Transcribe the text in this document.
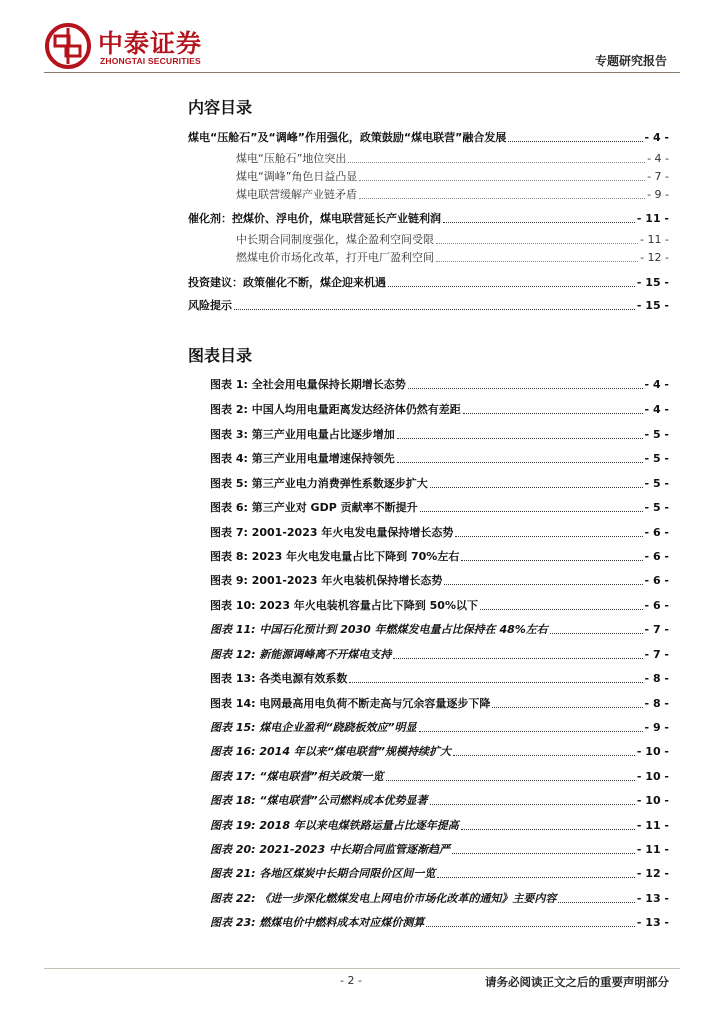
中泰证券
ZHONGTAI SECURITIES	专题研究报告
内容目录
煤电“压舱石”及“调峰”作用强化，政策鼓励“煤电联营”融合发展	- 4 -
煤电“压舱石”地位突出	- 4 -
煤电“调峰”角色日益凸显	- 7 -
煤电联营缓解产业链矛盾	- 9 -
催化剂：控煤价、浮电价，煤电联营延长产业链利润	- 11 -
中长期合同制度强化，煤企盈利空间受限	- 11 -
燃煤电价市场化改革，打开电厂盈利空间	- 12 -
投资建议：政策催化不断，煤企迎来机遇	- 15 -
风险提示	- 15 -
图表目录
图表 1: 全社会用电量保持长期增长态势	- 4 -
图表 2: 中国人均用电量距离发达经济体仍然有差距	- 4 -
图表 3: 第三产业用电量占比逐步增加	- 5 -
图表 4: 第三产业用电量增速保持领先	- 5 -
图表 5: 第三产业电力消费弹性系数逐步扩大	- 5 -
图表 6: 第三产业对 GDP 贡献率不断提升	- 5 -
图表 7: 2001-2023 年火电发电量保持增长态势	- 6 -
图表 8: 2023 年火电发电量占比下降到 70%左右	- 6 -
图表 9: 2001-2023 年火电装机保持增长态势	- 6 -
图表 10: 2023 年火电装机容量占比下降到 50%以下	- 6 -
图表 11: 中国石化预计到 2030 年燃煤发电量占比保持在 48%左右	- 7 -
图表 12: 新能源调峰离不开煤电支持	- 7 -
图表 13: 各类电源有效系数	- 8 -
图表 14: 电网最高用电负荷不断走高与冗余容量逐步下降	- 8 -
图表 15: 煤电企业盈利“跷跷板效应”明显	- 9 -
图表 16: 2014 年以来“煤电联营”规模持续扩大	- 10 -
图表 17: “煤电联营”相关政策一览	- 10 -
图表 18: “煤电联营”公司燃料成本优势显著	- 10 -
图表 19: 2018 年以来电煤铁路运量占比逐年提高	- 11 -
图表 20: 2021-2023 中长期合同监管逐渐趋严	- 11 -
图表 21: 各地区煤炭中长期合同限价区间一览	- 12 -
图表 22: 《进一步深化燃煤发电上网电价市场化改革的通知》主要内容	- 13 -
图表 23: 燃煤电价中燃料成本对应煤价测算	- 13 -
- 2 -	请务必阅读正文之后的重要声明部分
